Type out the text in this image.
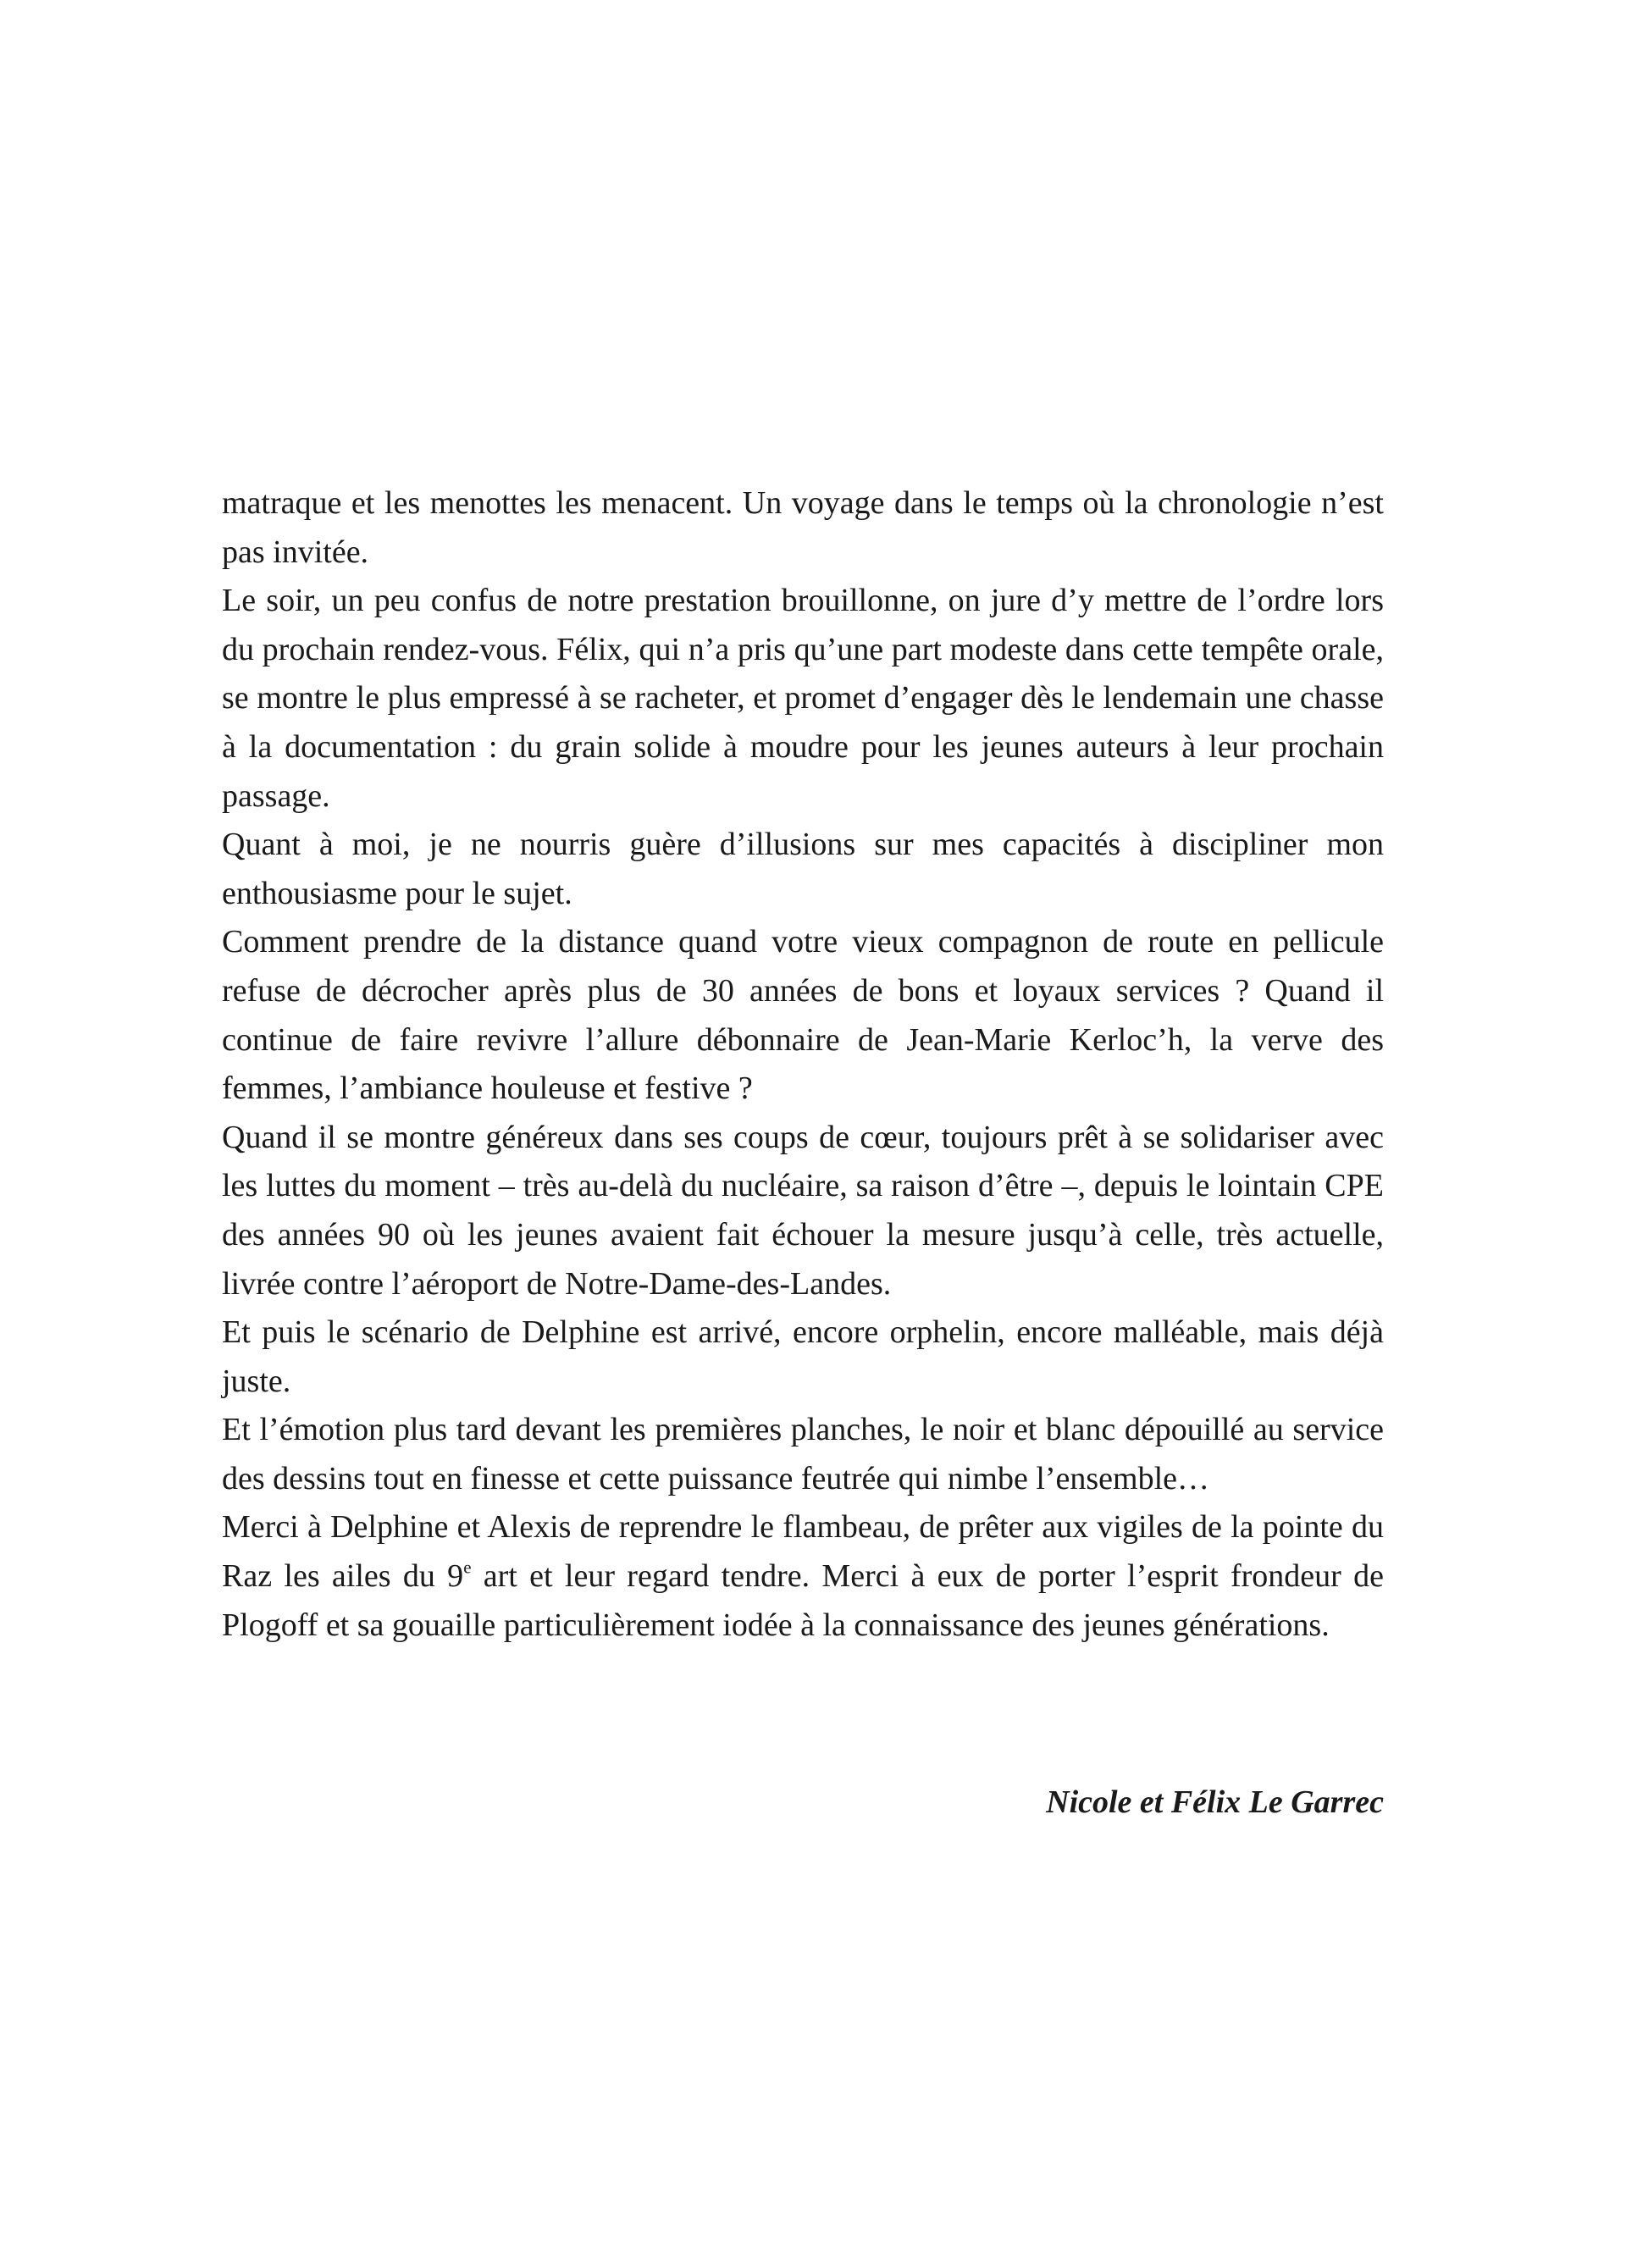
matraque et les menottes les menacent. Un voyage dans le temps où la chronologie n’est pas invitée.

Le soir, un peu confus de notre prestation brouillonne, on jure d’y mettre de l’ordre lors du prochain rendez-vous. Félix, qui n’a pris qu’une part modeste dans cette tempête orale, se montre le plus empressé à se racheter, et promet d’engager dès le lendemain une chasse à la documentation : du grain solide à moudre pour les jeunes auteurs à leur prochain passage.

Quant à moi, je ne nourris guère d’illusions sur mes capacités à discipliner mon enthousiasme pour le sujet.

Comment prendre de la distance quand votre vieux compagnon de route en pellicule refuse de décrocher après plus de 30 années de bons et loyaux services ? Quand il continue de faire revivre l’allure débonnaire de Jean-Marie Kerloc’h, la verve des femmes, l’ambiance houleuse et festive ?

Quand il se montre généreux dans ses coups de cœur, toujours prêt à se solidariser avec les luttes du moment – très au-delà du nucléaire, sa raison d’être –, depuis le lointain CPE des années 90 où les jeunes avaient fait échouer la mesure jusqu’à celle, très actuelle, livrée contre l’aéroport de Notre-Dame-des-Landes.

Et puis le scénario de Delphine est arrivé, encore orphelin, encore malléable, mais déjà juste.

Et l’émotion plus tard devant les premières planches, le noir et blanc dépouillé au service des dessins tout en finesse et cette puissance feutrée qui nimbe l’ensemble…

Merci à Delphine et Alexis de reprendre le flambeau, de prêter aux vigiles de la pointe du Raz les ailes du 9e art et leur regard tendre. Merci à eux de porter l’esprit frondeur de Plogoff et sa gouaille particulièrement iodée à la connaissance des jeunes générations.

Nicole et Félix Le Garrec
